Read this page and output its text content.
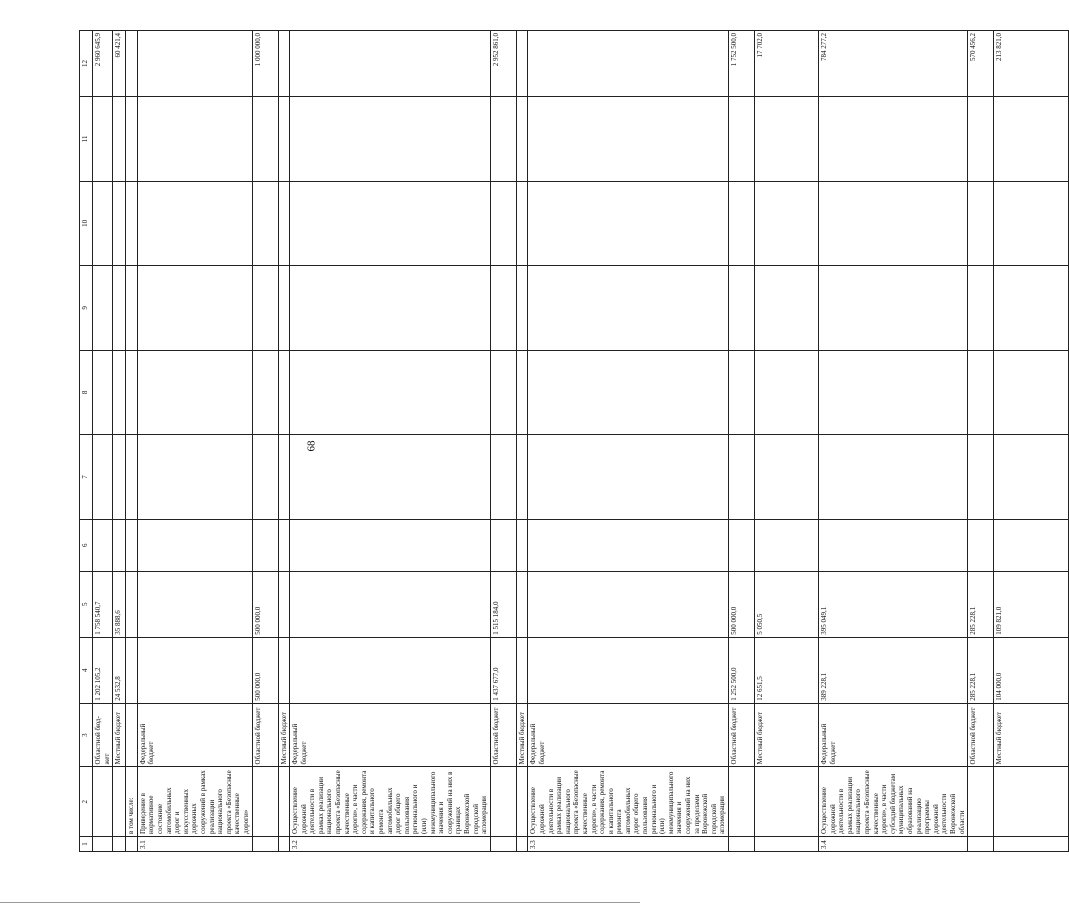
68
1	2	3	4	5	6	7	8	9	10	11	12
		Областной бюд-жет	1 202 105,2	1 758 540,7							2 960 645,9
		Местный бюджет	24 532,8	35 888,6							60 421,4
	в том числе:										
3.1	Приведение в нормативное состояние автомобильных дорог и искусственных дорожных сооружений в рамках реализации национального проекта «Безопасные качественные дороги»	Федеральный бюджет									
		Областной бюджет	500 000,0	500 000,0							1 000 000,0
		Местный бюджет									
3.2	Осуществление дорожной деятельности в рамках реализации национального проекта «Безопасные качественные дороги», в части содержания, ремонта и капитального ремонта автомобильных дорог общего пользования регионального и (или) межмуниципального значения и сооружений на них в границах Воронежской городской агломерации	Федеральный бюджет									
		Областной бюджет	1 437 677,0	1 515 184,0							2 952 861,0
		Местный бюджет									
3.3	Осуществление дорожной деятельности в рамках реализации национального проекта «Безопасные качественные дороги», в части содержания, ремонта и капитального ремонта автомобильных дорог общего пользования регионального и (или) межмуниципального значения и сооружений на них за пределами Воронежской городской агломерации	Федеральный бюджет									
		Областной бюджет	1 252 500,0	500 000,0							1 752 500,0
		Местный бюджет	12 651,5	5 050,5							17 702,0
3.4	Осуществление дорожной деятельности в рамках реализации национального проекта «Безопасные качественные дороги», в части субсидий бюджетам муниципальных образований на реализацию программы дорожной деятельности Воронежской области	Федеральный бюджет	389 228,1	395 049,1							784 277,2
		Областной бюджет	285 228,1	285 228,1							570 456,2
		Местный бюджет	104 000,0	109 821,0							213 821,0
